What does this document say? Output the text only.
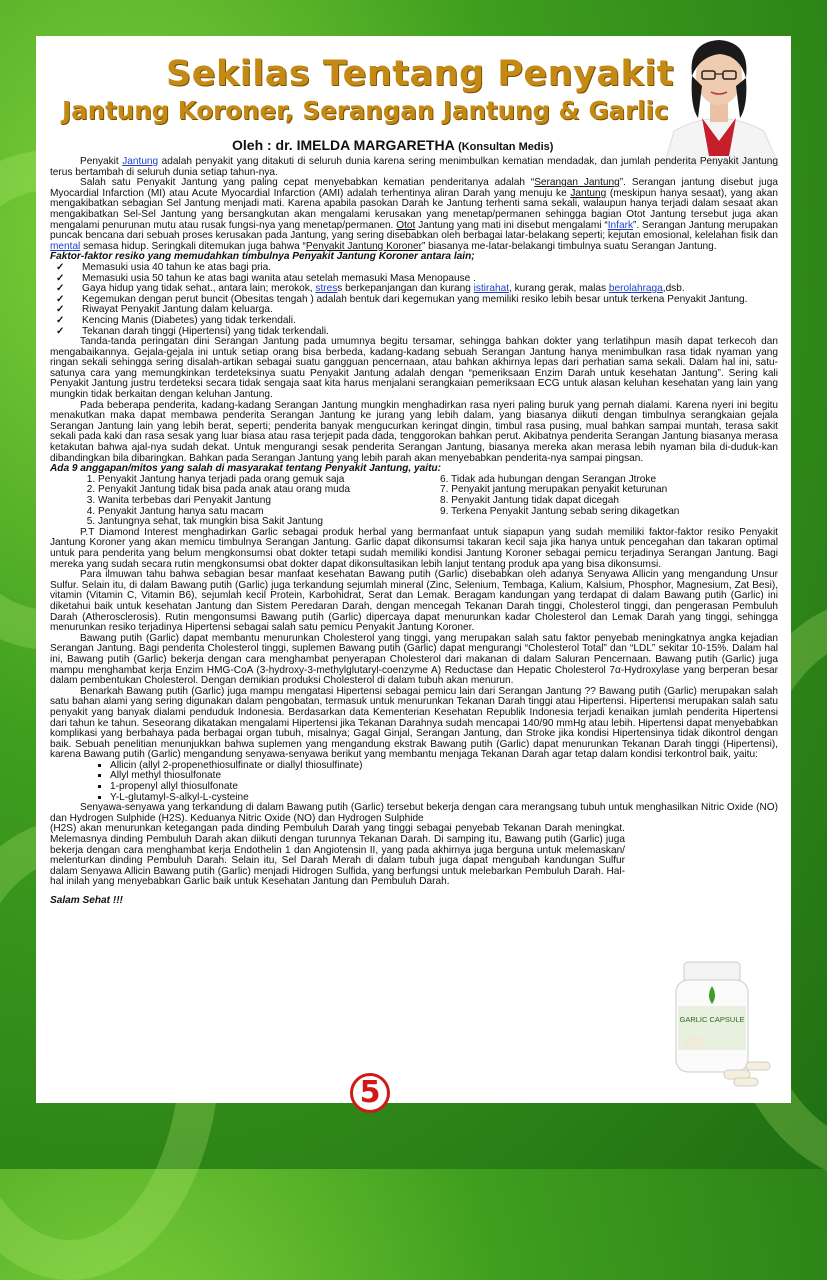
Sekilas Tentang Penyakit
Jantung Koroner, Serangan Jantung & Garlic
Oleh : dr. IMELDA MARGARETHA (Konsultan Medis)

Penyakit Jantung adalah penyakit yang ditakuti di seluruh dunia karena sering menimbulkan kematian mendadak, dan jumlah penderita Penyakit Jantung terus bertambah di seluruh dunia setiap tahun-nya.

Salah satu Penyakit Jantung yang paling cepat menyebabkan kematian penderitanya adalah “Serangan Jantung”. Serangan jantung disebut juga Myocardial Infarction (MI) atau Acute Myocardial Infarction (AMI) adalah terhentinya aliran Darah yang menuju ke Jantung (meskipun hanya sesaat), yang akan mengakibatkan sebagian Sel Jantung menjadi mati. Karena apabila pasokan Darah ke Jantung terhenti sama sekali, walaupun hanya terjadi dalam sesaat akan mengakibatkan Sel-Sel Jantung yang bersangkutan akan mengalami kerusakan yang menetap/permanen sehingga bagian Otot Jantung tersebut juga akan mengalami penurunan mutu atau rusak fungsi-nya yang menetap/permanen. Otot Jantung yang mati ini disebut mengalami “Infark”. Serangan Jantung merupakan puncak bencana dari sebuah proses kerusakan pada Jantung, yang sering disebabkan oleh berbagai latar-belakang seperti; kejutan emosional, kelelahan fisik dan mental semasa hidup. Seringkali ditemukan juga bahwa “Penyakit Jantung Koroner” biasanya me-latar-belakangi timbulnya suatu Serangan Jantung.

Faktor-faktor resiko yang memudahkan timbulnya Penyakit Jantung Koroner antara lain;

✓ Memasuki usia 40 tahun ke atas bagi pria.
✓ Memasuki usia 50 tahun ke atas bagi wanita atau setelah memasuki Masa Menopause .
✓ Gaya hidup yang tidak sehat., antara lain; merokok, stress berkepanjangan dan kurang istirahat, kurang gerak, malas berolahraga,dsb.
✓ Kegemukan dengan perut buncit (Obesitas tengah ) adalah bentuk dari kegemukan yang memiliki resiko lebih besar untuk terkena Penyakit Jantung.
✓ Riwayat Penyakit Jantung dalam keluarga.
✓ Kencing Manis (Diabetes) yang tidak terkendali.
✓ Tekanan darah tinggi (Hipertensi) yang tidak terkendali.

Tanda-tanda peringatan dini Serangan Jantung pada umumnya begitu tersamar, sehingga bahkan dokter yang terlatihpun masih dapat terkecoh dan mengabaikannya. Gejala-gejala ini untuk setiap orang bisa berbeda, kadang-kadang sebuah Serangan Jantung hanya menimbulkan rasa tidak nyaman yang ringan sekali sehingga sering disalah-artikan sebagai suatu gangguan pencernaan, atau bahkan akhirnya lepas dari perhatian sama sekali. Dalam hal ini, satu-satunya cara yang memungkinkan terdeteksinya suatu Penyakit Jantung adalah dengan “pemeriksaan Enzim Darah untuk kesehatan Jantung”. Sering kali Penyakit Jantung justru terdeteksi secara tidak sengaja saat kita harus menjalani serangkaian pemeriksaan ECG untuk alasan keluhan kesehatan yang lain yang mungkin tidak berkaitan dengan keluhan Jantung.

Pada beberapa penderita, kadang-kadang Serangan Jantung mungkin menghadirkan rasa nyeri paling buruk yang pernah dialami. Karena nyeri ini begitu menakutkan maka dapat membawa penderita Serangan Jantung ke jurang yang lebih dalam, yang biasanya diikuti dengan timbulnya serangkaian gejala Serangan Jantung lain yang lebih berat, seperti; penderita banyak mengucurkan keringat dingin, timbul rasa pusing, mual bahkan sampai muntah, terasa sakit sekali pada kaki dan rasa sesak yang luar biasa atau rasa terjepit pada dada, tenggorokan bahkan perut. Akibatnya penderita Serangan Jantung biasanya merasa ketakutan bahwa ajal-nya sudah dekat. Untuk mengurangi sesak penderita Serangan Jantung, biasanya mereka akan merasa lebih nyaman bila di-duduk-kan dibandingkan bila dibaringkan. Bahkan pada Serangan Jantung yang lebih parah akan menyebabkan penderita-nya sampai pingsan.

Ada 9 anggapan/mitos yang salah di masyarakat tentang Penyakit Jantung, yaitu:

1. Penyakit Jantung hanya terjadi pada orang gemuk saja
2. Penyakit Jantung tidak bisa pada anak atau orang muda
3. Wanita terbebas dari Penyakit Jantung
4. Penyakit Jantung hanya satu macam
5. Jantungnya sehat, tak mungkin bisa Sakit Jantung
6. Tidak ada hubungan dengan Serangan Jtroke
7. Penyakit jantung merupakan penyakit keturunan
8. Penyakit Jantung tidak dapat dicegah
9. Terkena Penyakit Jantung sebab sering dikagetkan

P.T Diamond Interest menghadirkan Garlic sebagai produk herbal yang bermanfaat untuk siapapun yang sudah memiliki faktor-faktor resiko Penyakit Jantung Koroner yang akan memicu timbulnya Serangan Jantung. Garlic dapat dikonsumsi takaran kecil saja jika hanya untuk pencegahan dan takaran optimal untuk para penderita yang belum mengkonsumsi obat dokter tetapi sudah memiliki kondisi Jantung Koroner sebagai pemicu terjadinya Serangan Jantung. Bagi mereka yang sudah secara rutin mengkonsumsi obat dokter dapat dikonsultasikan lebih lanjut tentang produk apa yang bisa dikonsumsi.

Para ilmuwan tahu bahwa sebagian besar manfaat kesehatan Bawang putih (Garlic) disebabkan oleh adanya Senyawa Allicin yang mengandung Unsur Sulfur. Selain itu, di dalam Bawang putih (Garlic) juga terkandung sejumlah mineral (Zinc, Selenium, Tembaga, Kalium, Kalsium, Phosphor, Magnesium, Zat Besi), vitamin (Vitamin C, Vitamin B6), sejumlah kecil Protein, Karbohidrat, Serat dan Lemak. Beragam kandungan yang terdapat di dalam Bawang putih (Garlic) ini diketahui baik untuk kesehatan Jantung dan Sistem Peredaran Darah, dengan mencegah Tekanan Darah tinggi, Cholesterol tinggi, dan pengerasan Pembuluh Darah (Atherosclerosis). Rutin mengonsumsi Bawang putih (Garlic) dipercaya dapat menurunkan kadar Cholesterol dan Lemak Darah yang tinggi, sehingga menurunkan resiko terjadinya Hipertensi sebagai salah satu pemicu Penyakit Jantung Koroner.

Bawang putih (Garlic) dapat membantu menurunkan Cholesterol yang tinggi, yang merupakan salah satu faktor penyebab meningkatnya angka kejadian Serangan Jantung. Bagi penderita Cholesterol tinggi, suplemen Bawang putih (Garlic) dapat mengurangi “Cholesterol Total” dan “LDL” sekitar 10-15%. Dalam hal ini, Bawang putih (Garlic) bekerja dengan cara menghambat penyerapan Cholesterol dari makanan di dalam Saluran Pencernaan. Bawang putih (Garlic) juga mampu menghambat kerja Enzim HMG-CoA (3-hydroxy-3-methylglutaryl-coenzyme A) Reductase dan Hepatic Cholesterol 7α-Hydroxylase yang berperan besar dalam pembentukan Cholesterol. Dengan demikian produksi Cholesterol di dalam tubuh akan menurun.

Benarkah Bawang putih (Garlic) juga mampu mengatasi Hipertensi sebagai pemicu lain dari Serangan Jantung ?? Bawang putih (Garlic) merupakan salah satu bahan alami yang sering digunakan dalam pengobatan, termasuk untuk menurunkan Tekanan Darah tinggi atau Hipertensi. Hipertensi merupakan salah satu penyakit yang banyak dialami penduduk Indonesia. Berdasarkan data Kementerian Kesehatan Republik Indonesia terjadi kenaikan jumlah penderita Hipertensi dari tahun ke tahun. Seseorang dikatakan mengalami Hipertensi jika Tekanan Darahnya sudah mencapai 140/90 mmHg atau lebih. Hipertensi dapat menyebabkan komplikasi yang berbahaya pada berbagai organ tubuh, misalnya; Gagal Ginjal, Serangan Jantung, dan Stroke jika kondisi Hipertensinya tidak dikontrol dengan baik. Sebuah penelitian menunjukkan bahwa suplemen yang mengandung ekstrak Bawang putih (Garlic) dapat menurunkan Tekanan Darah tinggi (Hipertensi), karena Bawang putih (Garlic) mengandung senyawa-senyawa berikut yang membantu menjaga Tekanan Darah agar tetap dalam kondisi terkontrol baik, yaitu:

▪ Allicin (allyl 2-propenethiosulfinate or diallyl thiosulfinate)
▪ Allyl methyl thiosulfonate
▪ 1-propenyl allyl thiosulfonate
▪ Y-L-glutamyl-S-alkyl-L-cysteine

Senyawa-senyawa yang terkandung di dalam Bawang putih (Garlic) tersebut bekerja dengan cara merangsang tubuh untuk menghasilkan Nitric Oxide (NO) dan Hydrogen Sulphide (H2S). Keduanya Nitric Oxide (NO) dan Hydrogen Sulphide

(H2S) akan menurunkan ketegangan pada dinding Pembuluh Darah yang tinggi sebagai penyebab Tekanan Darah meningkat. Melemasnya dinding Pembuluh Darah akan diikuti dengan turunnya Tekanan Darah. Di samping itu, Bawang putih (Garlic) juga bekerja dengan cara menghambat kerja Endothelin 1 dan Angiotensin II, yang pada akhirnya juga berguna untuk melemaskan/ melenturkan dinding Pembuluh Darah. Selain itu, Sel Darah Merah di dalam tubuh juga dapat mengubah kandungan Sulfur dalam Senyawa Allicin Bawang putih (Garlic) menjadi Hidrogen Sulfida, yang berfungsi untuk melebarkan Pembuluh Darah. Hal-hal inilah yang menyebabkan Garlic baik untuk Kesehatan Jantung dan Pembuluh Darah.

Salam Sehat !!!

GARLIC CAPSULE
5
